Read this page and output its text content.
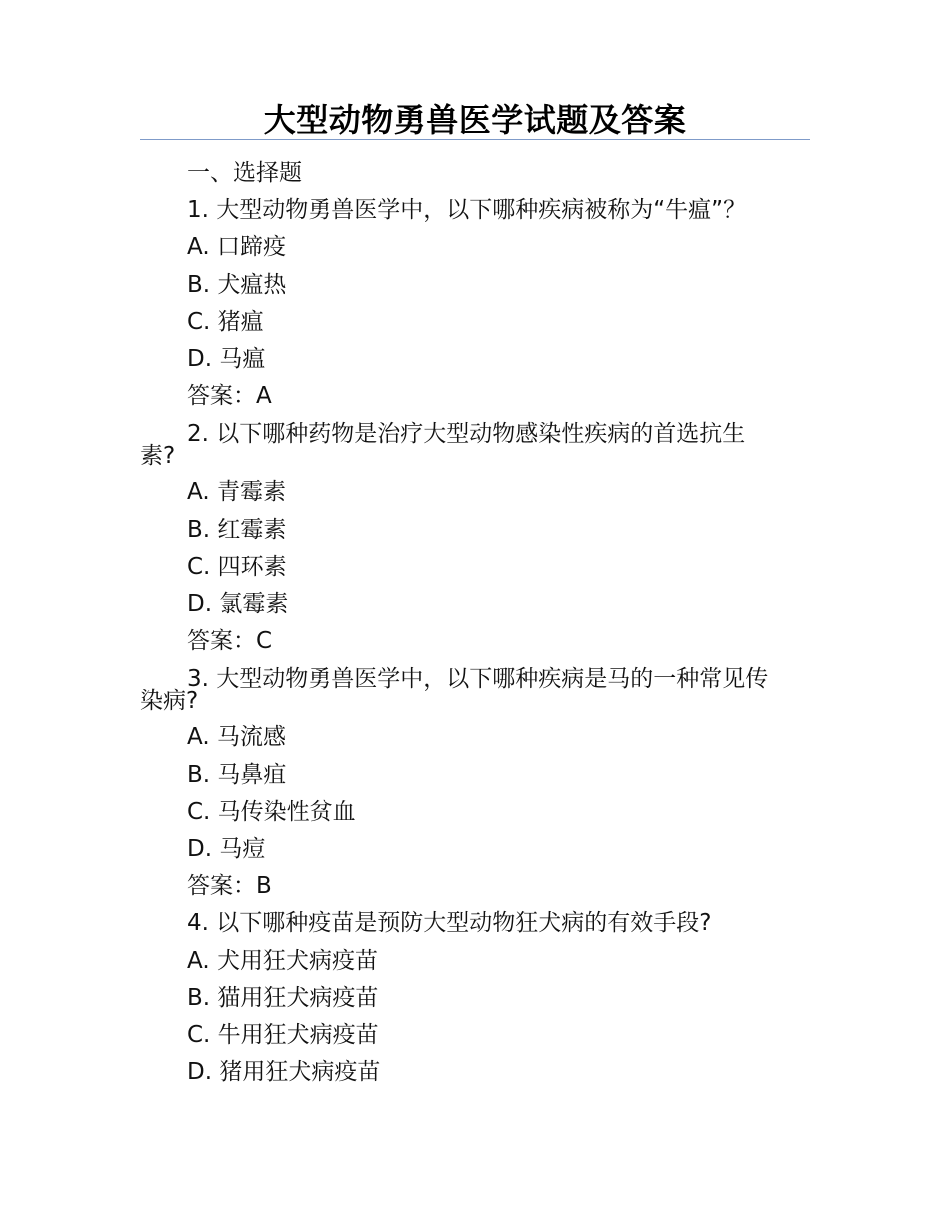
大型动物勇兽医学试题及答案
一、选择题
1. 大型动物勇兽医学中，以下哪种疾病被称为“牛瘟”？
A. 口蹄疫
B. 犬瘟热
C. 猪瘟
D. 马瘟
答案：A
2. 以下哪种药物是治疗大型动物感染性疾病的首选抗生
素?
A. 青霉素
B. 红霉素
C. 四环素
D. 氯霉素
答案：C
3. 大型动物勇兽医学中，以下哪种疾病是马的一种常见传
染病?
A. 马流感
B. 马鼻疽
C. 马传染性贫血
D. 马痘
答案：B
4. 以下哪种疫苗是预防大型动物狂犬病的有效手段?
A. 犬用狂犬病疫苗
B. 猫用狂犬病疫苗
C. 牛用狂犬病疫苗
D. 猪用狂犬病疫苗
